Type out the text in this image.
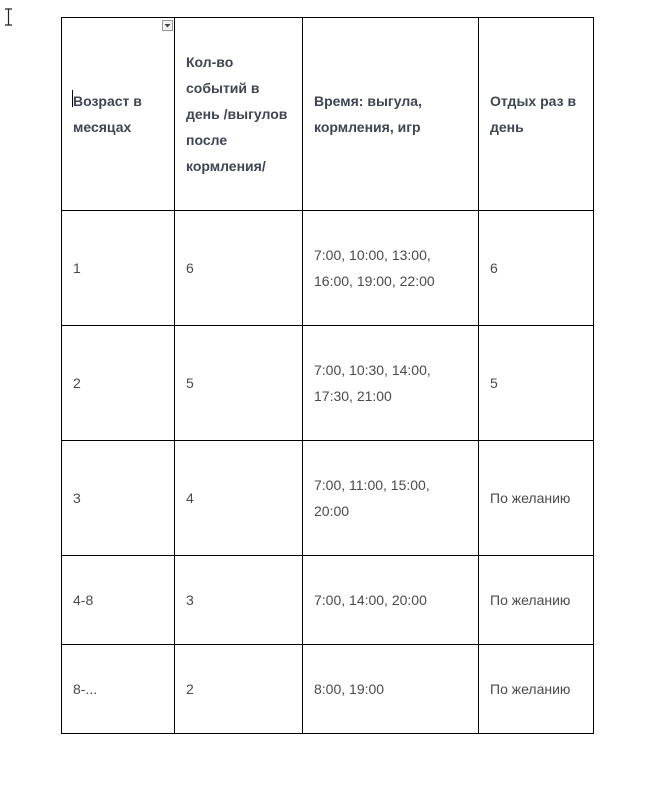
Возраст в месяцах	Кол-во событий в день /выгулов после кормления/	Время: выгула, кормления, игр	Отдых раз в день
1	6	7:00, 10:00, 13:00, 16:00, 19:00, 22:00	6
2	5	7:00, 10:30, 14:00, 17:30, 21:00	5
3	4	7:00, 11:00, 15:00, 20:00	По желанию
4-8	3	7:00, 14:00, 20:00	По желанию
8-...	2	8:00, 19:00	По желанию
